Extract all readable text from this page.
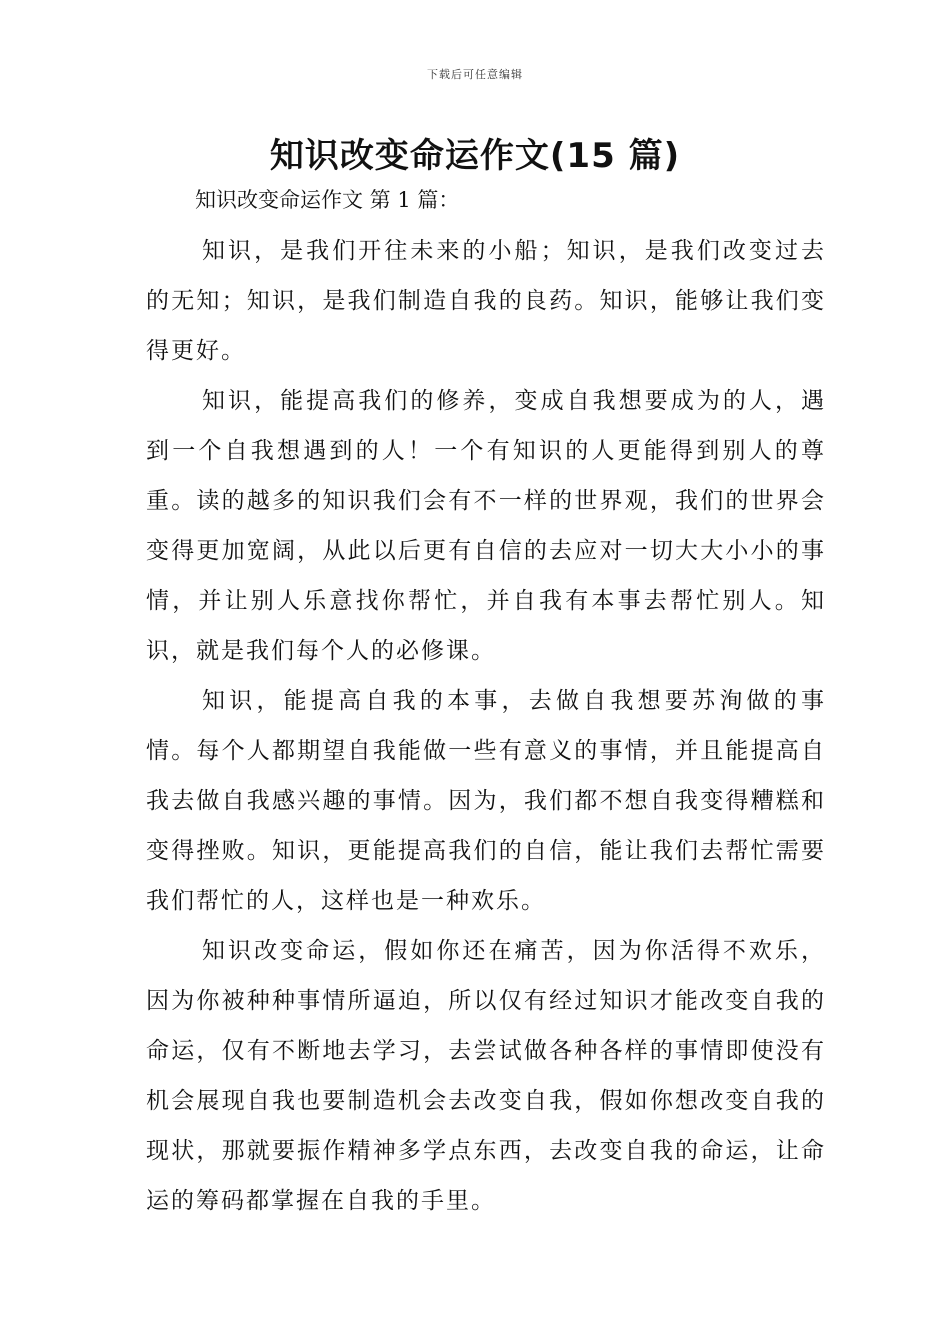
下载后可任意编辑
知识改变命运作文(15 篇)
知识改变命运作文 第 1 篇：

知识，是我们开往未来的小船；知识，是我们改变过去的无知；知识，是我们制造自我的良药。知识，能够让我们变得更好。

知识，能提高我们的修养，变成自我想要成为的人，遇到一个自我想遇到的人！一个有知识的人更能得到别人的尊重。读的越多的知识我们会有不一样的世界观，我们的世界会变得更加宽阔，从此以后更有自信的去应对一切大大小小的事情，并让别人乐意找你帮忙，并自我有本事去帮忙别人。知识，就是我们每个人的必修课。

知识，能提高自我的本事，去做自我想要苏洵做的事情。每个人都期望自我能做一些有意义的事情，并且能提高自我去做自我感兴趣的事情。因为，我们都不想自我变得糟糕和变得挫败。知识，更能提高我们的自信，能让我们去帮忙需要我们帮忙的人，这样也是一种欢乐。

知识改变命运，假如你还在痛苦，因为你活得不欢乐，因为你被种种事情所逼迫，所以仅有经过知识才能改变自我的命运，仅有不断地去学习，去尝试做各种各样的事情即使没有机会展现自我也要制造机会去改变自我，假如你想改变自我的现状，那就要振作精神多学点东西，去改变自我的命运，让命运的筹码都掌握在自我的手里。
